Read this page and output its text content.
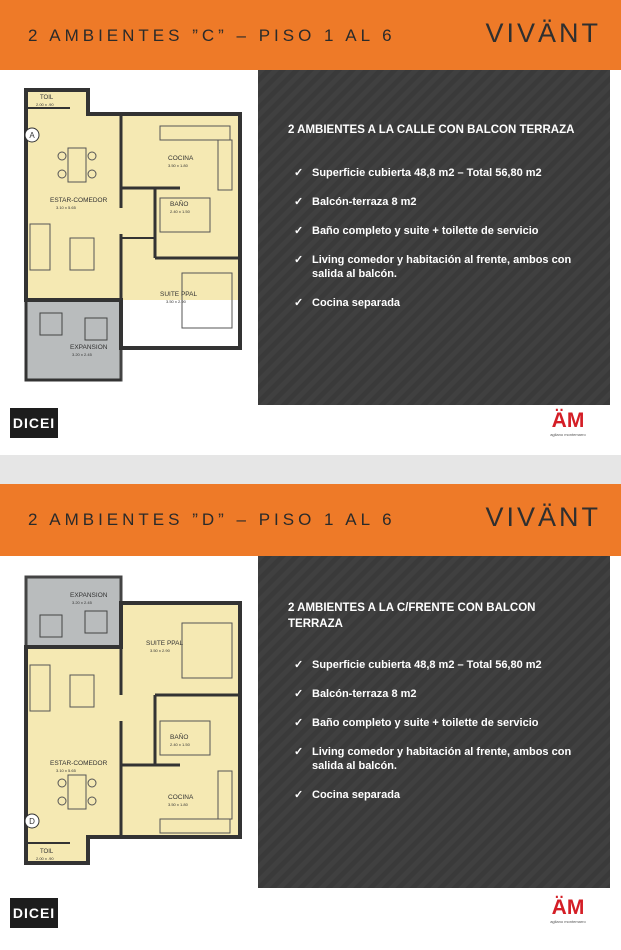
2 AMBIENTES ”C” – PISO 1 AL 6	VIVÄNT
A
TOIL
2.00 x .90
COCINA
3.50 x 1.80
ESTAR-COMEDOR
3.10 x 5.65	BAÑO
2.40 x 1.50
SUITE PPAL
3.50 x 2.90
EXPANSION
3.20 x 2.45
2 AMBIENTES A LA CALLE CON BALCON TERRAZA
✓ Superficie cubierta 48,8 m2 – Total 56,80 m2
✓ Balcón-terraza 8 m2
✓ Baño completo y suite + toilette de servicio
✓ Living comedor y habitación al frente, ambos con salida al balcón.
✓ Cocina separada
DICEI	ÄM
agliano montemarro
2 AMBIENTES ”D” – PISO 1 AL 6	VIVÄNT
2 AMBIENTES A LA C/FRENTE CON BALCON TERRAZA
✓ Superficie cubierta 48,8 m2 – Total 56,80 m2
✓ Balcón-terraza 8 m2
✓ Baño completo y suite + toilette de servicio
✓ Living comedor y habitación al frente, ambos con salida al balcón.
✓ Cocina separada
DICEI	ÄM
agliano montemarro
D
TOIL
2.00 x .90
COCINA
3.50 x 1.80
ESTAR-COMEDOR
3.10 x 5.65
BAÑO
2.40 x 1.50
SUITE PPAL
3.50 x 2.90
EXPANSION
3.20 x 2.45
